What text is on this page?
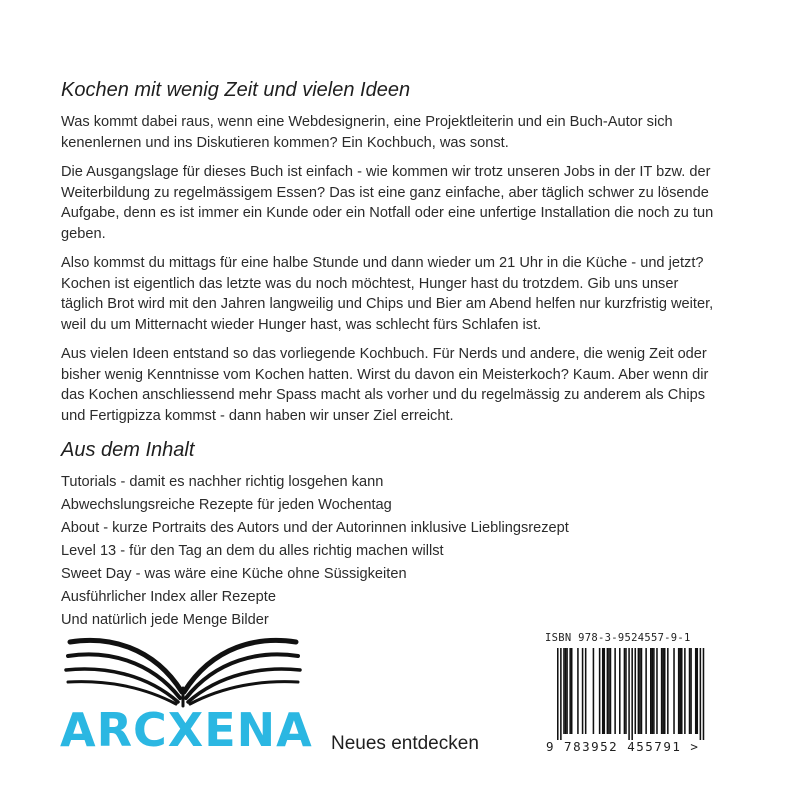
Kochen mit wenig Zeit und vielen Ideen

Was kommt dabei raus, wenn eine Webdesignerin, eine Projektleiterin und ein Buch-Autor sich kenenlernen und ins Diskutieren kommen? Ein Kochbuch, was sonst.

Die Ausgangslage für dieses Buch ist einfach - wie kommen wir trotz unseren Jobs in der IT bzw. der Weiterbildung zu regelmässigem Essen? Das ist eine ganz einfache, aber täglich schwer zu lösende Aufgabe, denn es ist immer ein Kunde oder ein Notfall oder eine unfertige Installation die noch zu tun geben.

Also kommst du mittags für eine halbe Stunde und dann wieder um 21 Uhr in die Küche - und jetzt? Kochen ist eigentlich das letzte was du noch möchtest, Hunger hast du trotzdem. Gib uns unser täglich Brot wird mit den Jahren langweilig und Chips und Bier am Abend helfen nur kurzfristig weiter, weil du um Mitternacht wieder Hunger hast, was schlecht fürs Schlafen ist.

Aus vielen Ideen entstand so das vorliegende Kochbuch. Für Nerds und andere, die wenig Zeit oder bisher wenig Kenntnisse vom Kochen hatten. Wirst du davon ein Meisterkoch? Kaum. Aber wenn dir das Kochen anschliessend mehr Spass macht als vorher und du regelmässig zu anderem als Chips und Fertigpizza kommst - dann haben wir unser Ziel erreicht.

Aus dem Inhalt
Tutorials - damit es nachher richtig losgehen kann
Abwechslungsreiche Rezepte für jeden Wochentag
About - kurze Portraits des Autors und der Autorinnen inklusive Lieblingsrezept
Level 13 - für den Tag an dem du alles richtig machen willst
Sweet Day - was wäre eine Küche ohne Süssigkeiten
Ausführlicher Index aller Rezepte
Und natürlich jede Menge Bilder
ARCXENA Neues entdecken
ISBN 978-3-9524557-9-1
9 783952 455791 >
